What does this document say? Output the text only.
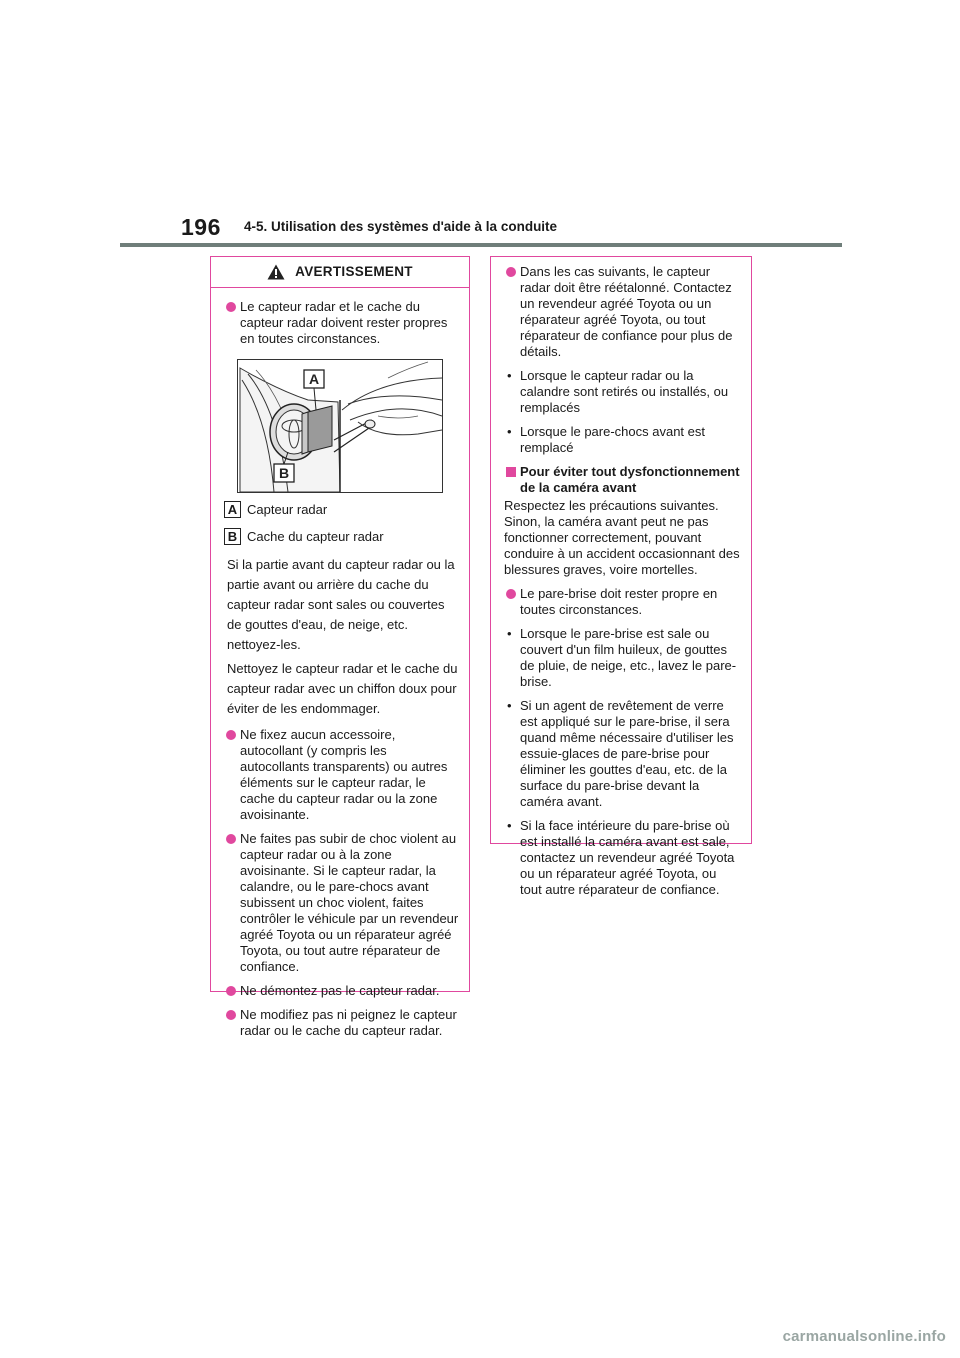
196 4-5. Utilisation des systèmes d'aide à la conduite
AVERTISSEMENT
Le capteur radar et le cache du capteur radar doivent rester propres en toutes circonstances.
A
B
A Capteur radar
B Cache du capteur radar
Si la partie avant du capteur radar ou la partie avant ou arrière du cache du capteur radar sont sales ou couvertes de gouttes d'eau, de neige, etc. nettoyez-les.
Nettoyez le capteur radar et le cache du capteur radar avec un chiffon doux pour éviter de les endommager.
Ne fixez aucun accessoire, autocollant (y compris les autocollants transparents) ou autres éléments sur le capteur radar, le cache du capteur radar ou la zone avoisinante.
Ne faites pas subir de choc violent au capteur radar ou à la zone avoisinante. Si le capteur radar, la calandre, ou le pare-chocs avant subissent un choc violent, faites contrôler le véhicule par un revendeur agréé Toyota ou un réparateur agréé Toyota, ou tout autre réparateur de confiance.
Ne démontez pas le capteur radar.
Ne modifiez pas ni peignez le capteur radar ou le cache du capteur radar.
Dans les cas suivants, le capteur radar doit être réétalonné. Contactez un revendeur agréé Toyota ou un réparateur agréé Toyota, ou tout réparateur de confiance pour plus de détails.
• Lorsque le capteur radar ou la calandre sont retirés ou installés, ou remplacés
• Lorsque le pare-chocs avant est remplacé
Pour éviter tout dysfonctionnement de la caméra avant
Respectez les précautions suivantes. Sinon, la caméra avant peut ne pas fonctionner correctement, pouvant conduire à un accident occasionnant des blessures graves, voire mortelles.
Le pare-brise doit rester propre en toutes circonstances.
• Lorsque le pare-brise est sale ou couvert d'un film huileux, de gouttes de pluie, de neige, etc., lavez le pare-brise.
• Si un agent de revêtement de verre est appliqué sur le pare-brise, il sera quand même nécessaire d'utiliser les essuie-glaces de pare-brise pour éliminer les gouttes d'eau, etc. de la surface du pare-brise devant la caméra avant.
• Si la face intérieure du pare-brise où est installé la caméra avant est sale, contactez un revendeur agréé Toyota ou un réparateur agréé Toyota, ou tout autre réparateur de confiance.
carmanualsonline.info
